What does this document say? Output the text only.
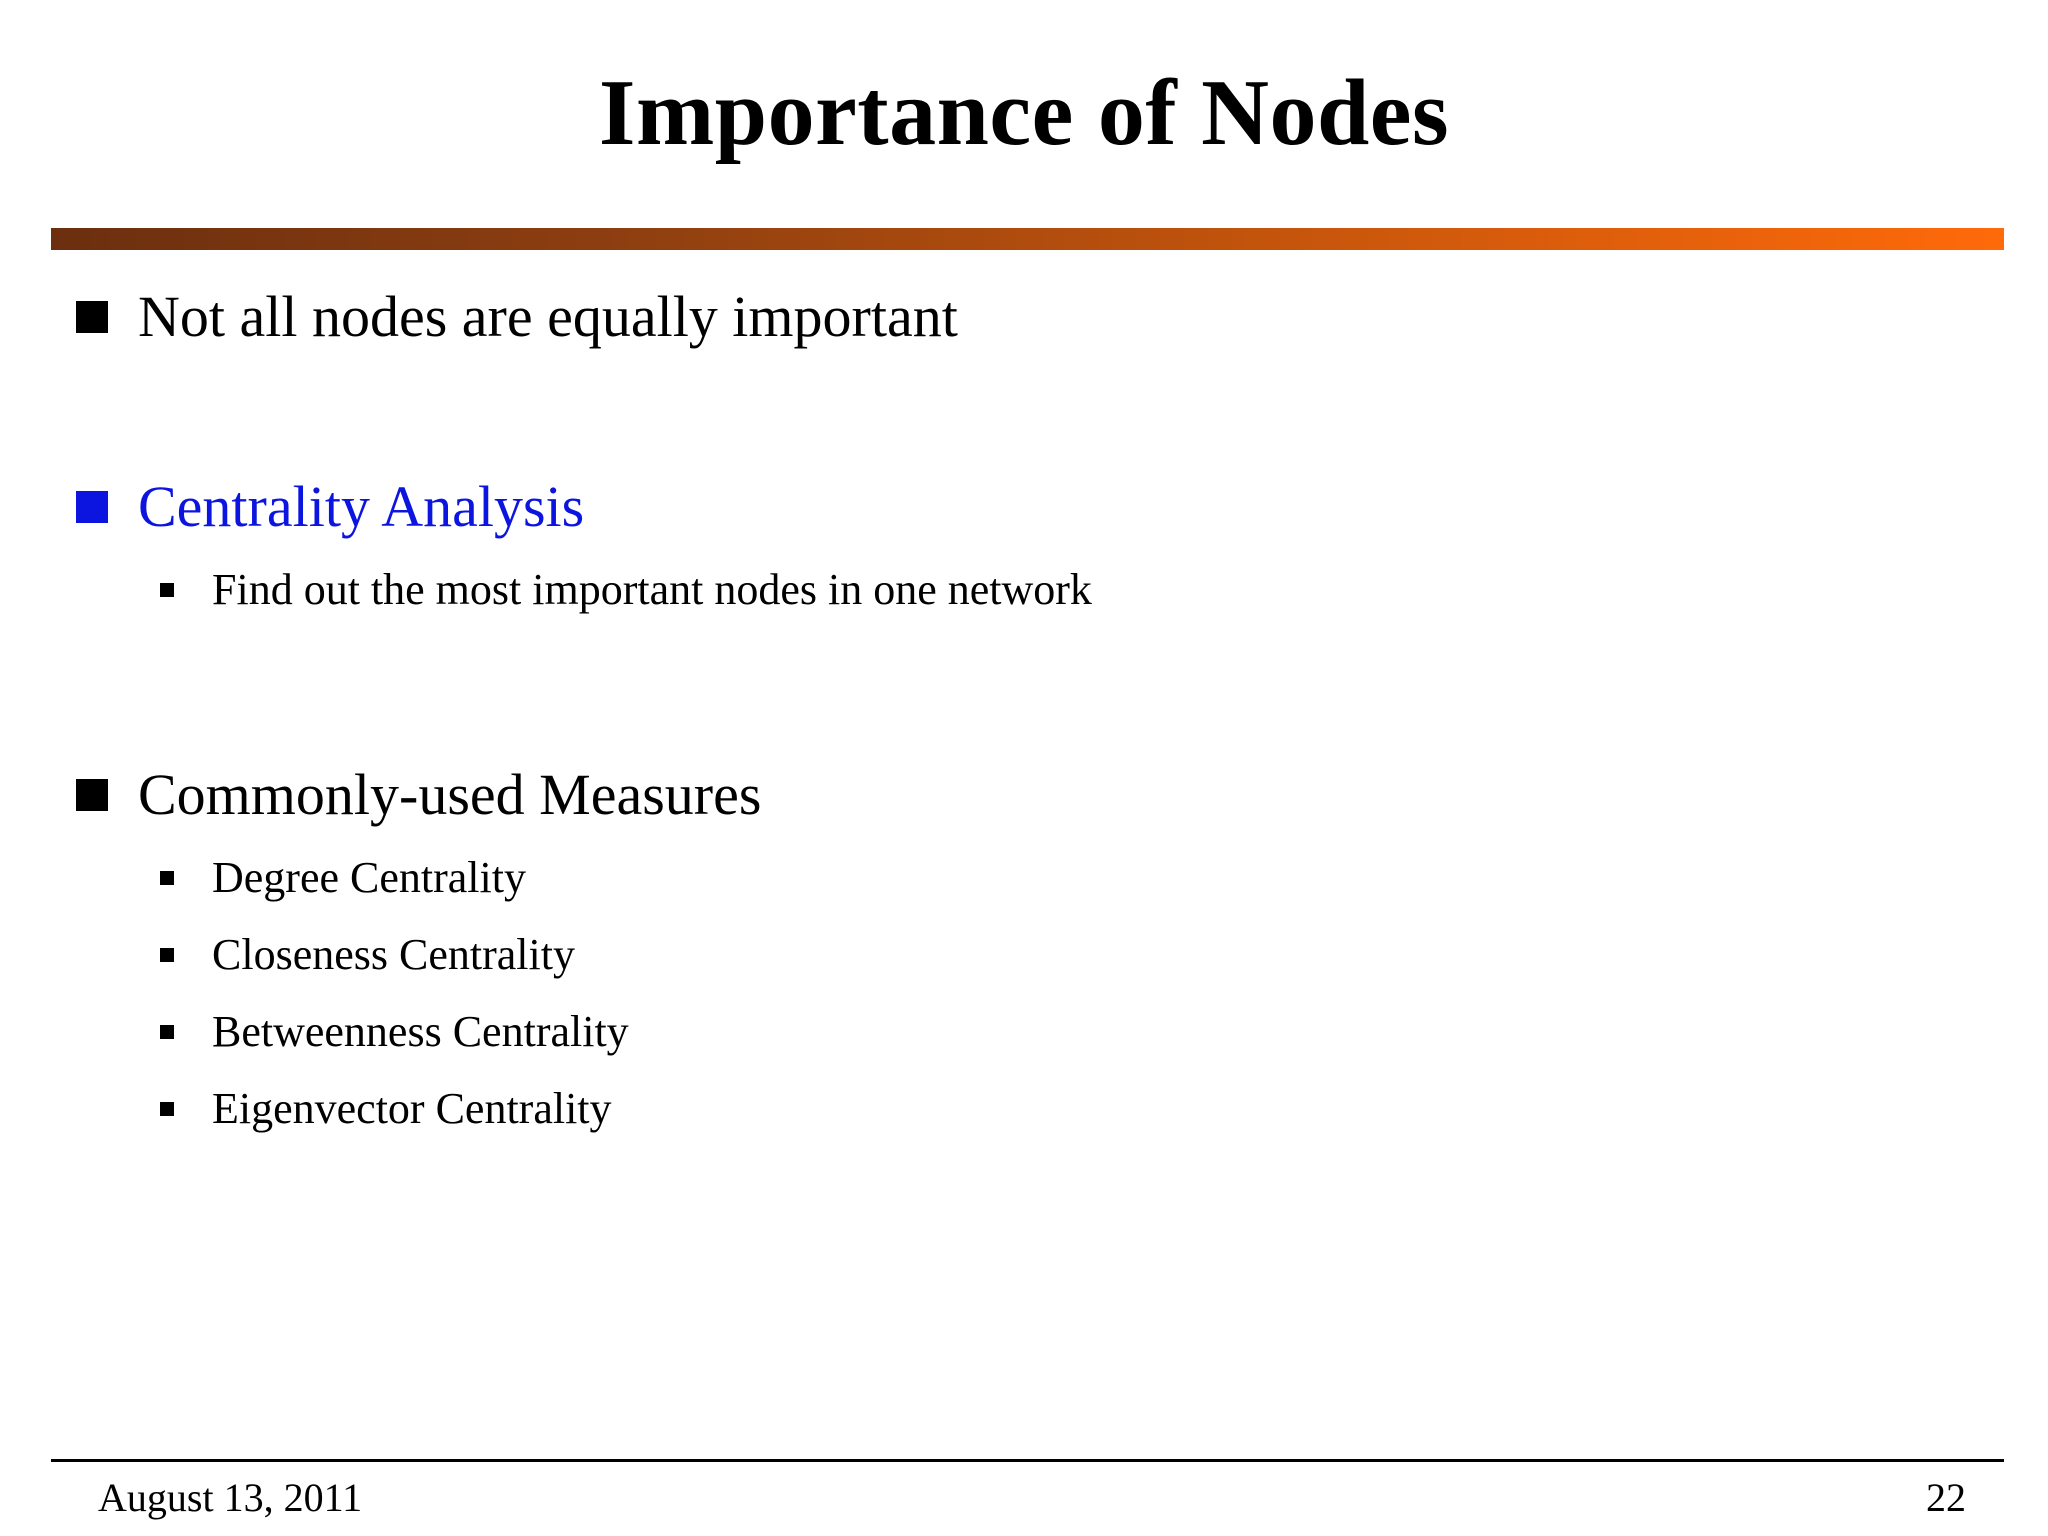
Importance of Nodes
Not all nodes are equally important
Centrality Analysis
Find out the most important nodes in one network
Commonly-used Measures
Degree Centrality
Closeness Centrality
Betweenness Centrality
Eigenvector Centrality
August 13, 2011	22
